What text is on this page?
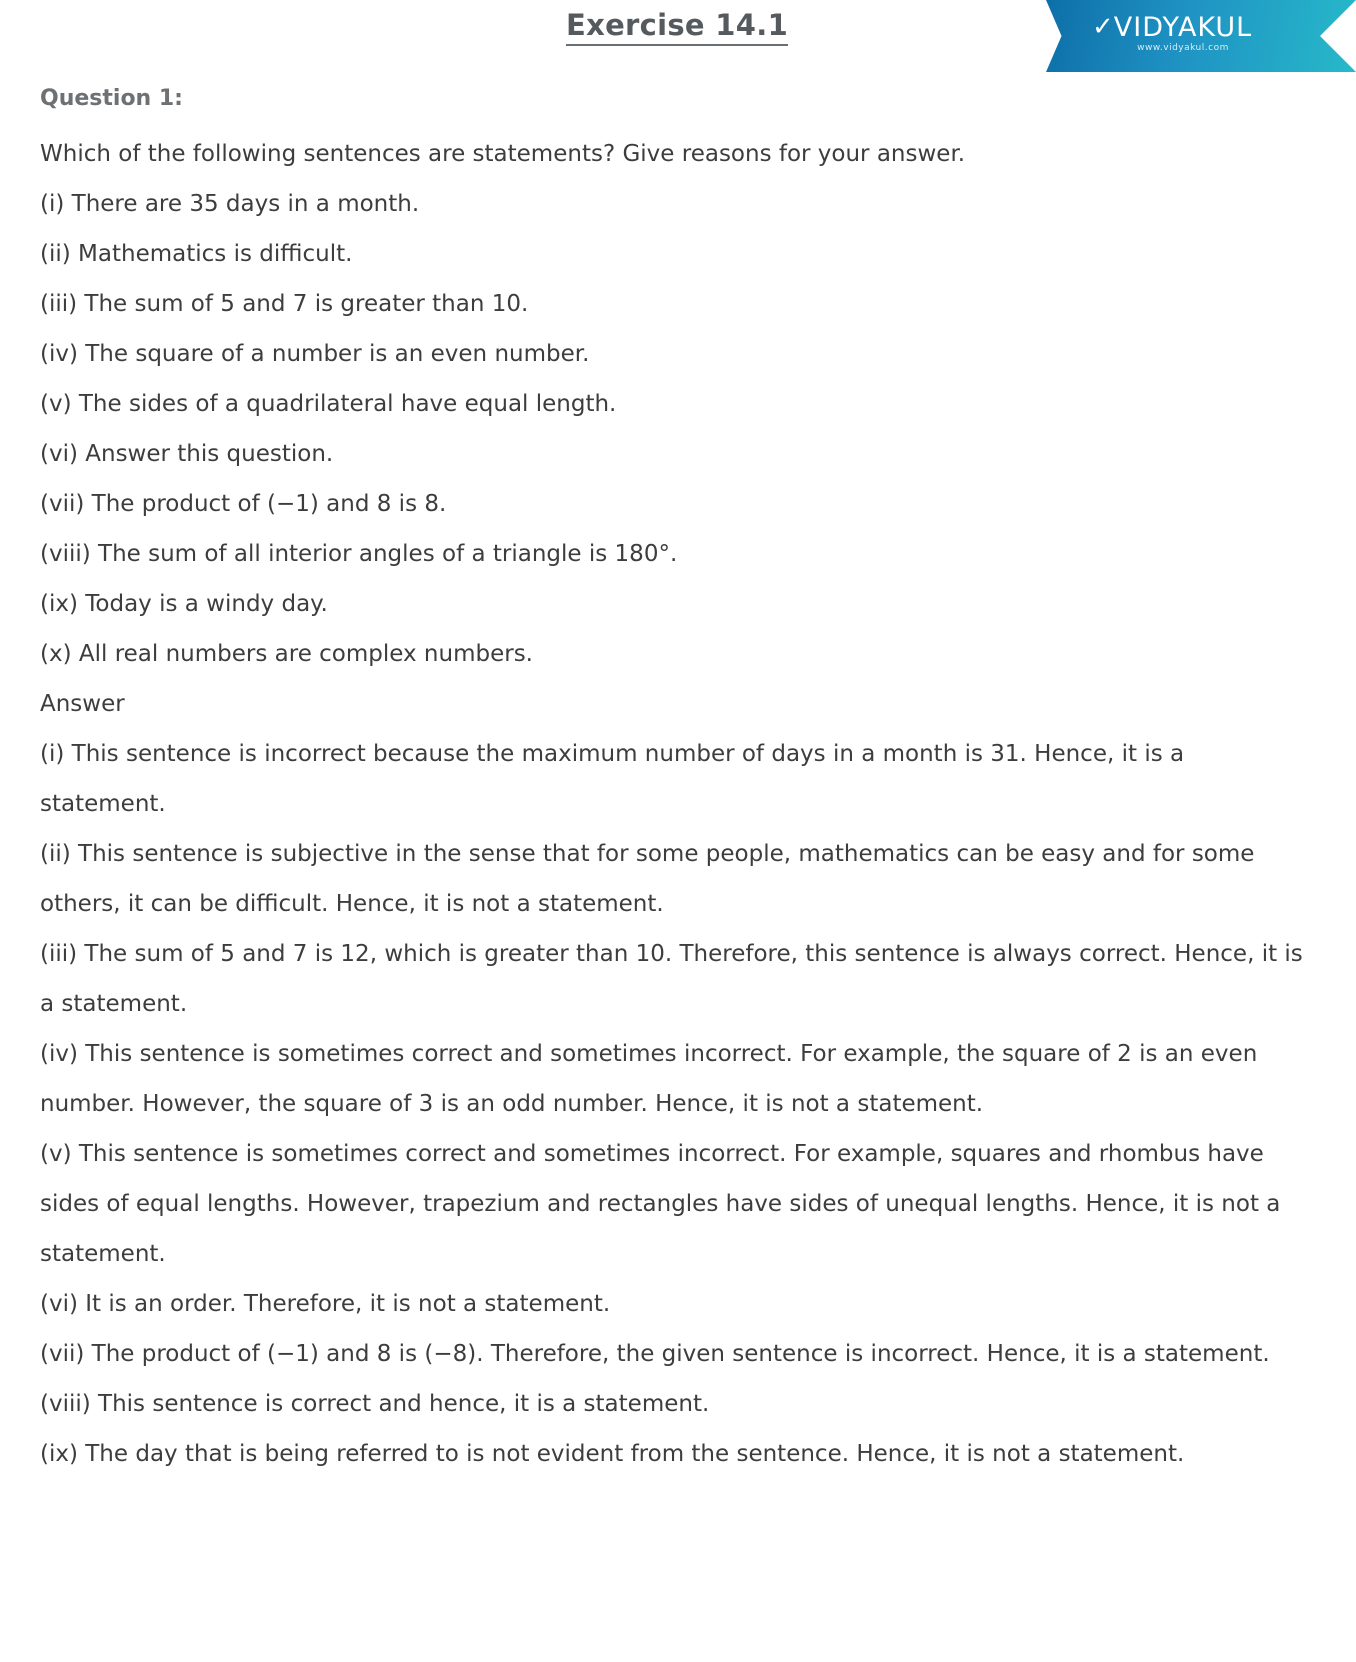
Exercise 14.1	✓ VIDYAKUL
www.vidyakul.com
Question 1:

Which of the following sentences are statements? Give reasons for your answer.

(i) There are 35 days in a month.

(ii) Mathematics is difficult.

(iii) The sum of 5 and 7 is greater than 10.

(iv) The square of a number is an even number.

(v) The sides of a quadrilateral have equal length.

(vi) Answer this question.

(vii) The product of (−1) and 8 is 8.

(viii) The sum of all interior angles of a triangle is 180°.

(ix) Today is a windy day.

(x) All real numbers are complex numbers.

Answer

(i) This sentence is incorrect because the maximum number of days in a month is 31. Hence, it is a statement.

(ii) This sentence is subjective in the sense that for some people, mathematics can be easy and for some others, it can be difficult. Hence, it is not a statement.

(iii) The sum of 5 and 7 is 12, which is greater than 10. Therefore, this sentence is always correct. Hence, it is a statement.

(iv) This sentence is sometimes correct and sometimes incorrect. For example, the square of 2 is an even number. However, the square of 3 is an odd number. Hence, it is not a statement.

(v) This sentence is sometimes correct and sometimes incorrect. For example, squares and rhombus have sides of equal lengths. However, trapezium and rectangles have sides of unequal lengths. Hence, it is not a statement.

(vi) It is an order. Therefore, it is not a statement.

(vii) The product of (−1) and 8 is (−8). Therefore, the given sentence is incorrect. Hence, it is a statement.

(viii) This sentence is correct and hence, it is a statement.

(ix) The day that is being referred to is not evident from the sentence. Hence, it is not a statement.
